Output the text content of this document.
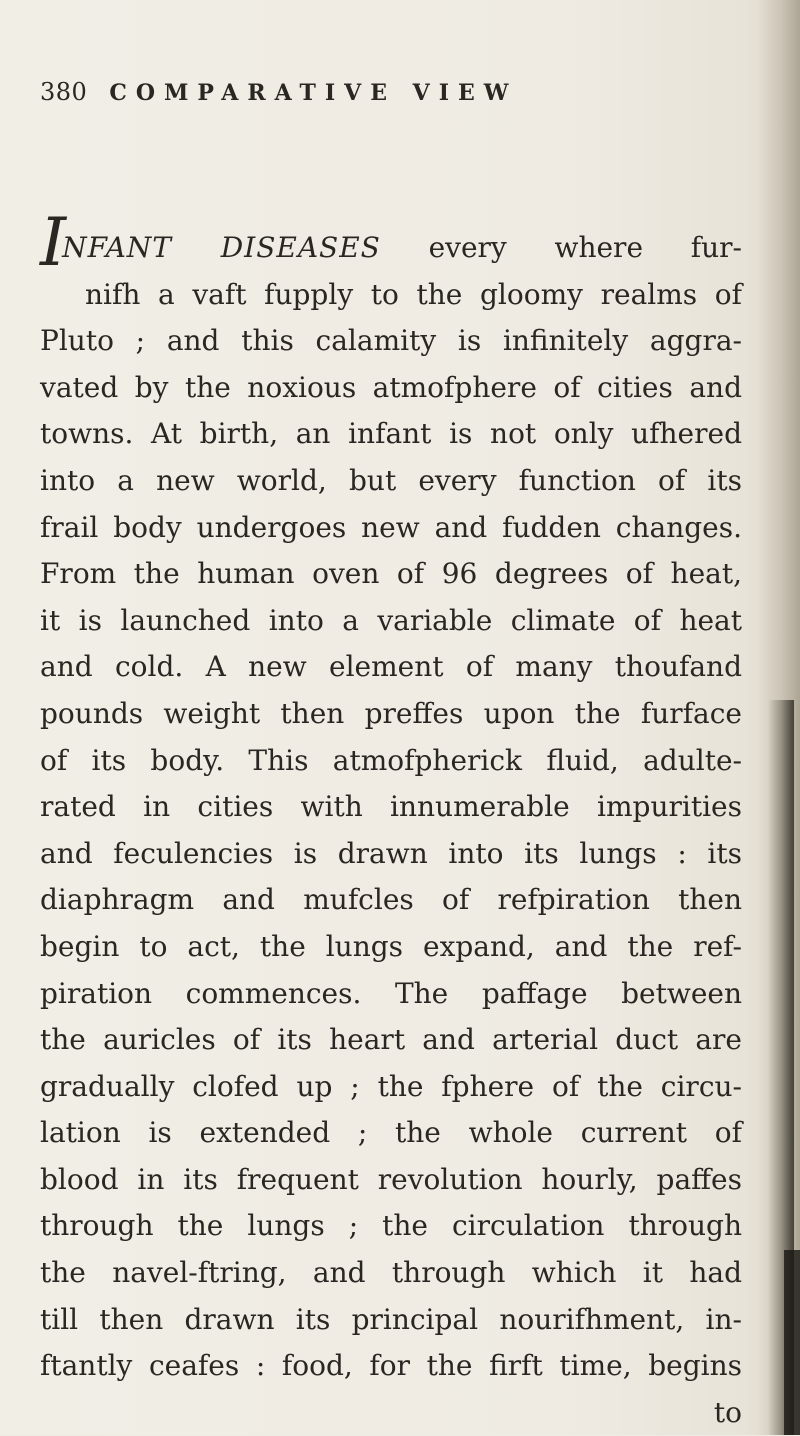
380 COMPARATIVE VIEW
INFANT DISEASES every where fur-
nifh a vaft fupply to the gloomy realms of
Pluto ; and this calamity is infinitely aggra-
vated by the noxious atmofphere of cities and
towns. At birth, an infant is not only ufhered
into a new world, but every function of its
frail body undergoes new and fudden changes.
From the human oven of 96 degrees of heat,
it is launched into a variable climate of heat
and cold. A new element of many thoufand
pounds weight then preffes upon the furface
of its body. This atmofpherick fluid, adulte-
rated in cities with innumerable impurities
and feculencies is drawn into its lungs : its
diaphragm and mufcles of refpiration then
begin to act, the lungs expand, and the ref-
piration commences. The paffage between
the auricles of its heart and arterial duct are
gradually clofed up ; the fphere of the circu-
lation is extended ; the whole current of
blood in its frequent revolution hourly, paffes
through the lungs ; the circulation through
the navel-ftring, and through which it had
till then drawn its principal nourifhment, in-
ftantly ceafes : food, for the firft time, begins
to
